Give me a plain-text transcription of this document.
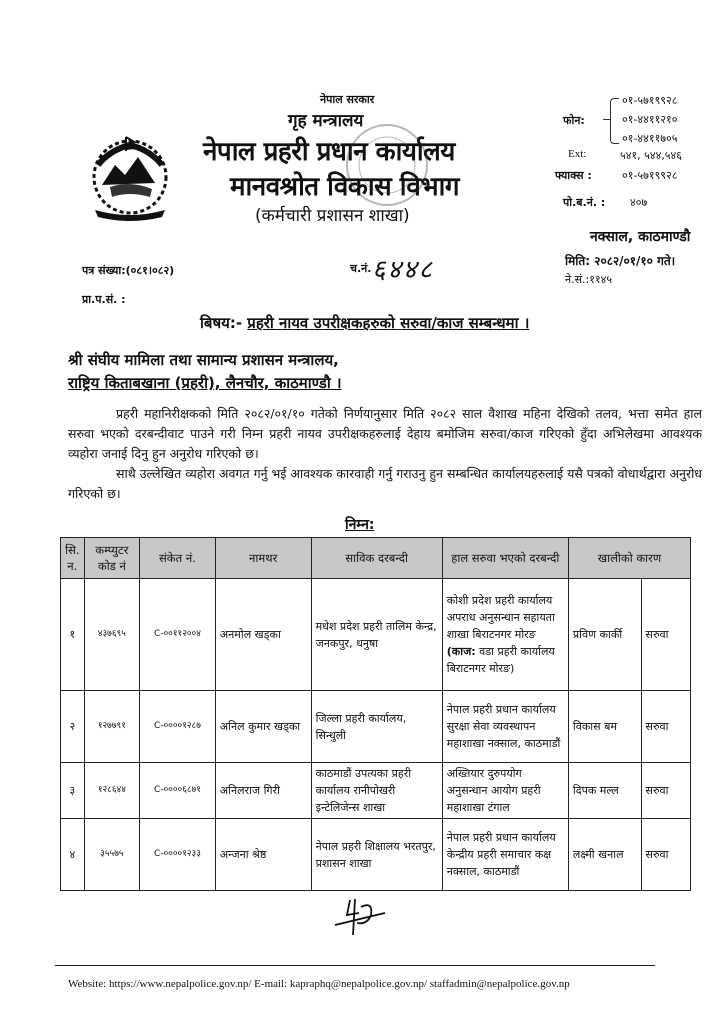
नेपाल सरकार
गृह मन्त्रालय
नेपाल प्रहरी प्रधान कार्यालय
मानवश्रोत विकास विभाग
(कर्मचारी प्रशासन शाखा)
फोन:
०१-५७१९९२८
०१-४४११२१०
०१-४४११७०५
Ext:	५४१, ५४४,५४६
फ्याक्स :	०१-५७१९९२८
पो.ब.नं. : ४०७
नक्साल, काठमाण्डौ
मिति: २०८२/०१/१० गते।
ने.सं.:११४५
पत्र संख्या:(०८१।०८२)	च.नं. ६४४८
प्रा.प.सं. :
बिषय:- प्रहरी नायव उपरीक्षकहरुको सरुवा/काज सम्बन्धमा ।
श्री संघीय मामिला तथा सामान्य प्रशासन मन्त्रालय,
राष्ट्रिय किताबखाना (प्रहरी), लैनचौर, काठमाण्डौ ।

प्रहरी महानिरीक्षकको मिति २०८२/०१/१० गतेको निर्णयानुसार मिति २०८२ साल वैशाख महिना देखिको तलव, भत्ता समेत हाल सरुवा भएको दरबन्दीवाट पाउने गरी निम्न प्रहरी नायव उपरीक्षकहरुलाई देहाय बमोजिम सरुवा/काज गरिएको हुँदा अभिलेखमा आवश्यक व्यहोरा जनाई दिनु हुन अनुरोध गरिएको छ।

साथै उल्लेखित व्यहोरा अवगत गर्नु भई आवश्यक कारवाही गर्नु गराउनु हुन सम्बन्धित कार्यालयहरुलाई यसै पत्रको वोधार्थद्वारा अनुरोध गरिएको छ।

निम्न:
सि. न.	कम्प्युटर कोड नं	संकेत नं.	नामथर	साविक दरबन्दी	हाल सरुवा भएको दरबन्दी	खालीको कारण	
१	४३७६९५	C-००११२००४	अनमोल खड्का	मधेश प्रदेश प्रहरी तालिम केन्द्र, जनकपुर, धनुषा	कोशी प्रदेश प्रहरी कार्यालय अपराध अनुसन्धान सहायता शाखा बिराटनगर मोरङ
(काज: वडा प्रहरी कार्यालय बिराटनगर मोरङ)	प्रविण कार्की	सरुवा
२	१२७७९१	C-००००१२८७	अनिल कुमार खड्का	जिल्ला प्रहरी कार्यालय, सिन्धुली	नेपाल प्रहरी प्रधान कार्यालय सुरक्षा सेवा व्यवस्थापन महाशाखा नक्साल, काठमाडौं	विकास बम	सरुवा
३	१२८६४४	C-००००६८७१	अनिलराज गिरी	काठमाडौं उपत्यका प्रहरी कार्यालय रानीपोखरी इन्टेलिजेन्स शाखा	अख्तियार दुरुपयोग अनुसन्धान आयोग प्रहरी महाशाखा टंगाल	दिपक मल्ल	सरुवा
४	३५५७५	C-००००१२३३	अन्जना श्रेष्ठ	नेपाल प्रहरी शिक्षालय भरतपुर, प्रशासन शाखा	नेपाल प्रहरी प्रधान कार्यालय केन्द्रीय प्रहरी समाचार कक्ष नक्साल, काठमाडौं	लक्ष्मी खनाल	सरुवा
Website: https://www.nepalpolice.gov.np/ E-mail: kapraphq@nepalpolice.gov.np/ staffadmin@nepalpolice.gov.np
